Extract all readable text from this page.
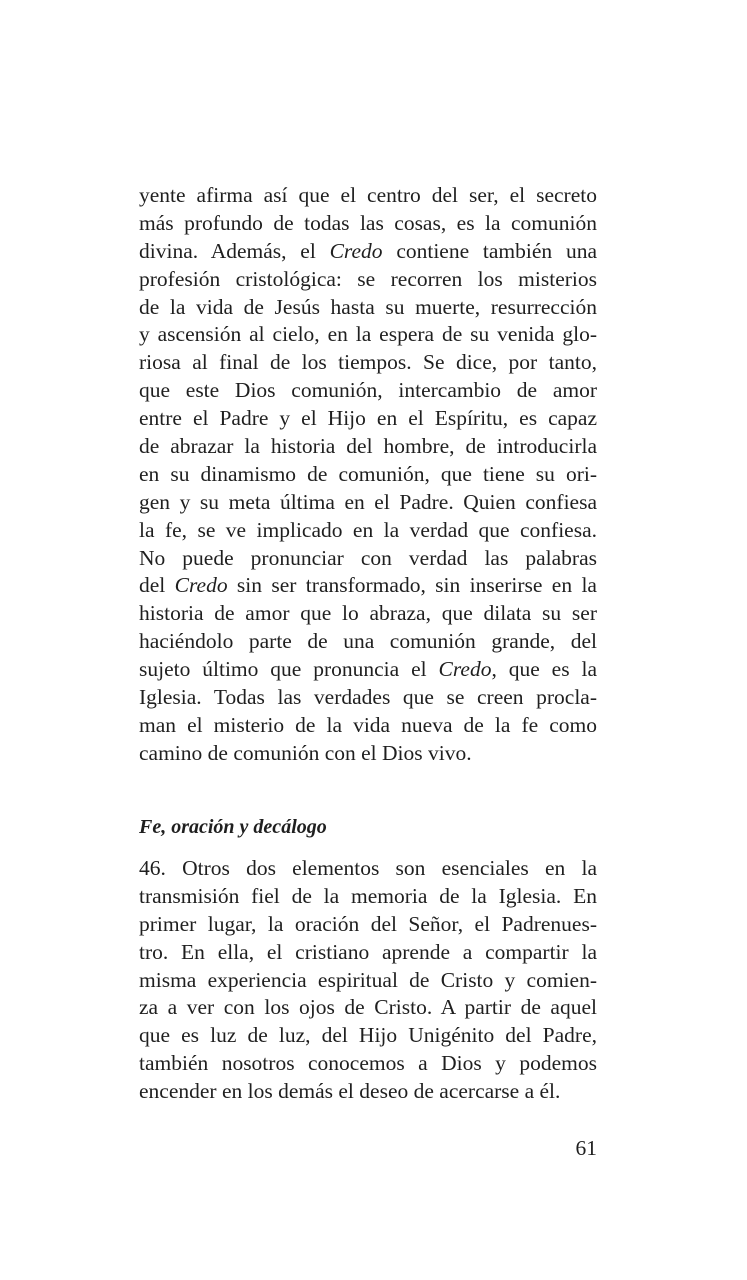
yente afirma así que el centro del ser, el secreto
más profundo de todas las cosas, es la comunión
divina. Además, el Credo contiene también una
profesión cristológica: se recorren los misterios
de la vida de Jesús hasta su muerte, resurrección
y ascensión al cielo, en la espera de su venida glo-
riosa al final de los tiempos. Se dice, por tanto,
que este Dios comunión, intercambio de amor
entre el Padre y el Hijo en el Espíritu, es capaz
de abrazar la historia del hombre, de introducirla
en su dinamismo de comunión, que tiene su ori-
gen y su meta última en el Padre. Quien confiesa
la fe, se ve implicado en la verdad que confiesa.
No puede pronunciar con verdad las palabras
del Credo sin ser transformado, sin inserirse en la
historia de amor que lo abraza, que dilata su ser
haciéndolo parte de una comunión grande, del
sujeto último que pronuncia el Credo, que es la
Iglesia. Todas las verdades que se creen procla-
man el misterio de la vida nueva de la fe como
camino de comunión con el Dios vivo.
Fe, oración y decálogo
46. Otros dos elementos son esenciales en la
transmisión fiel de la memoria de la Iglesia. En
primer lugar, la oración del Señor, el Padrenues-
tro. En ella, el cristiano aprende a compartir la
misma experiencia espiritual de Cristo y comien-
za a ver con los ojos de Cristo. A partir de aquel
que es luz de luz, del Hijo Unigénito del Padre,
también nosotros conocemos a Dios y podemos
encender en los demás el deseo de acercarse a él.
61
